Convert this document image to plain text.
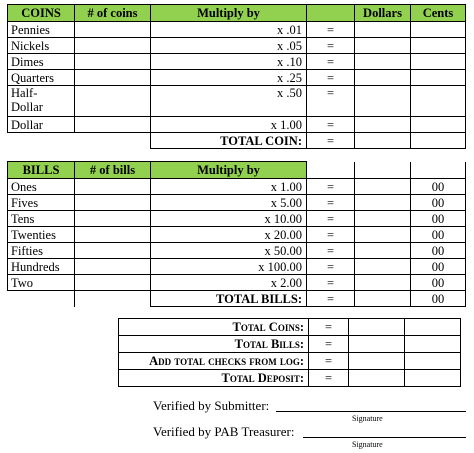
COINS	# of coins	Multiply by		Dollars	Cents
Pennies		x .01	=		
Nickels		x .05	=		
Dimes		x .10	=		
Quarters		x .25	=		
Half-
Dollar		x .50	=		
Dollar		x 1.00	=		
		TOTAL COIN:	=		
BILLS	# of bills	Multiply by			
Ones		x 1.00	=		00
Fives		x 5.00	=		00
Tens		x 10.00	=		00
Twenties		x 20.00	=		00
Fifties		x 50.00	=		00
Hundreds		x 100.00	=		00
Two		x 2.00	=		00
		TOTAL BILLS:	=		00
Total Coins:	=		
Total Bills:	=		
Add total checks from log:	=		
Total Deposit:	=		
Verified by Submitter:
Signature
Verified by PAB Treasurer:
Signature
